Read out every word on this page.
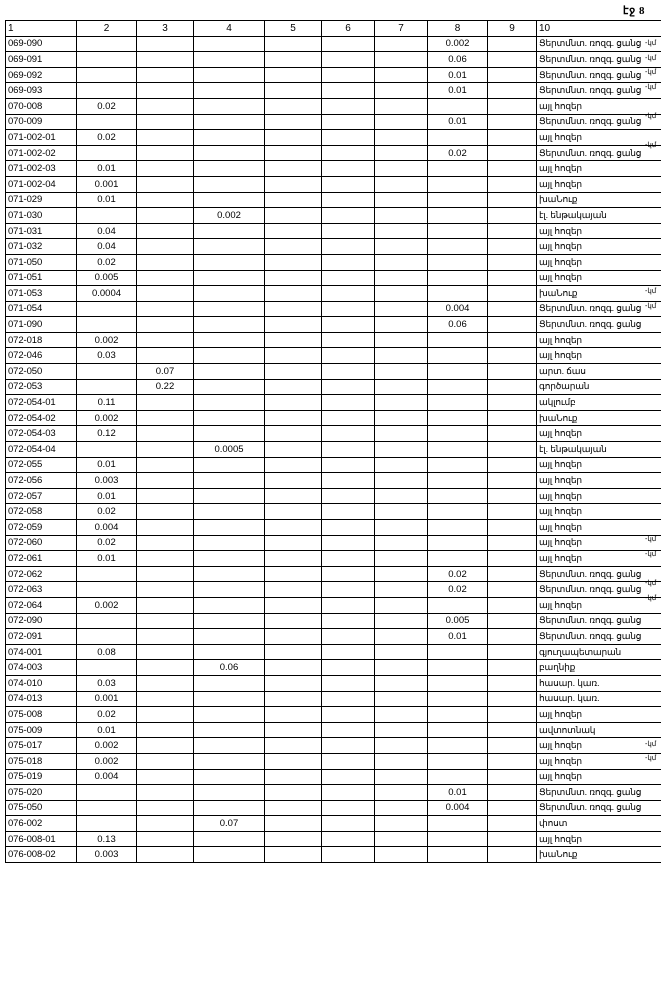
էջ 8
1	2	3	4	5	6	7	8	9	10
069-090							0.002		Ցերտմնտ. ռոզգ. ցանց
069-091							0.06		Ցերտմնտ. ռոզգ. ցանց
069-092							0.01		Ցերտմնտ. ռոզգ. ցանց
069-093							0.01		Ցերտմնտ. ռոզգ. ցանց
070-008	0.02								այլ հոզեր
070-009							0.01		Ցերտմնտ. ռոզգ. ցանց
071-002-01	0.02								այլ հոզեր
071-002-02							0.02		Ցերտմնտ. ռոզգ. ցանց
071-002-03	0.01								այլ հոզեր
071-002-04	0.001								այլ հոզեր
071-029	0.01								խաՆուք
071-030			0.002						էլ. ենթակայան
071-031	0.04								այլ հոզեր
071-032	0.04								այլ հոզեր
071-050	0.02								այլ հոզեր
071-051	0.005								այլ հոզեր
071-053	0.0004								խաՆուք
071-054							0.004		Ցերտմնտ. ռոզգ. ցանց
071-090							0.06		Ցերտմնտ. ռոզգ. ցանց
072-018	0.002								այլ հոզեր
072-046	0.03								այլ հոզեր
072-050		0.07							արտ. ճաս
072-053		0.22							գործարան
072-054-01	0.11								ակլումբ
072-054-02	0.002								խաՆուք
072-054-03	0.12								այլ հոզեր
072-054-04			0.0005						էլ. ենթակայան
072-055	0.01								այլ հոզեր
072-056	0.003								այլ հոզեր
072-057	0.01								այլ հոզեր
072-058	0.02								այլ հոզեր
072-059	0.004								այլ հոզեր
072-060	0.02								այլ հոզեր
072-061	0.01								այլ հոզեր
072-062							0.02		Ցերտմնտ. ռոզգ. ցանց
072-063							0.02		Ցերտմնտ. ռոզգ. ցանց
072-064	0.002								այլ հոզեր
072-090							0.005		Ցերտմնտ. ռոզգ. ցանց
072-091							0.01		Ցերտմնտ. ռոզգ. ցանց
074-001	0.08								գյուղապետարան
074-003			0.06						բաղնիք
074-010	0.03								հասար. կառ.
074-013	0.001								հասար. կառ.
075-008	0.02								այլ հոզեր
075-009	0.01								ավտոտնակ
075-017	0.002								այլ հոզեր
075-018	0.002								այլ հոզեր
075-019	0.004								այլ հոզեր
075-020							0.01		Ցերտմնտ. ռոզգ. ցանց
075-050							0.004		Ցերտմնտ. ռոզգ. ցանց
076-002			0.07						փոստ
076-008-01	0.13								այլ հոզեր
076-008-02	0.003								խաՆուք
-կմ
-կմ
-կմ
-կմ
-կմ
-կմ
-կմ
-կմ
-կմ
-կմ
-կմ
-կմ
-կմ
-կմ
